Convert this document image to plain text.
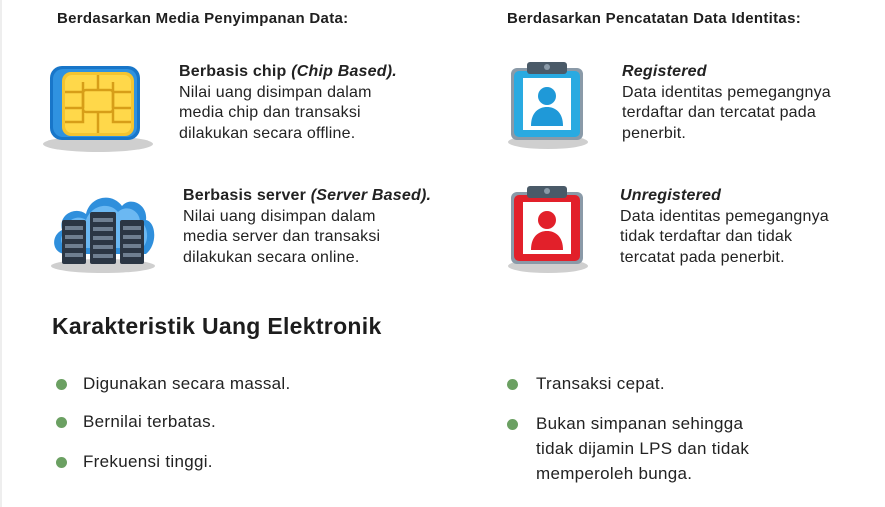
Berdasarkan Media Penyimpanan Data:	Berdasarkan Pencatatan Data Identitas:
Berbasis chip (Chip Based).
Nilai uang disimpan dalam
media chip dan transaksi
dilakukan secara offline.
Berbasis server (Server Based).
Nilai uang disimpan dalam
media server dan transaksi
dilakukan secara online.
Registered
Data identitas pemegangnya
terdaftar dan tercatat pada
penerbit.
Unregistered
Data identitas pemegangnya
tidak terdaftar dan tidak
tercatat pada penerbit.
Karakteristik Uang Elektronik
Digunakan secara massal.
Bernilai terbatas.
Frekuensi tinggi.
Transaksi cepat.
Bukan simpanan sehingga
tidak dijamin LPS dan tidak
memperoleh bunga.
